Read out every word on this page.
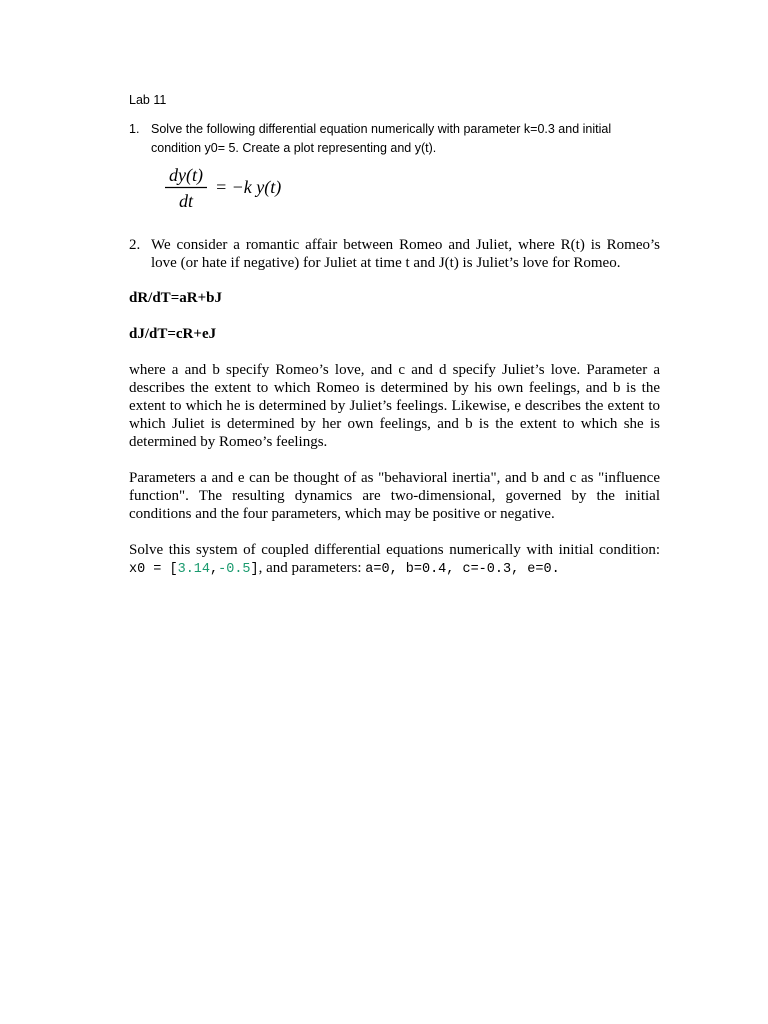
Lab 11
1. Solve the following differential equation numerically with parameter k=0.3 and initial condition y0= 5. Create a plot representing and y(t).
dy(t)
dt
= −k y(t)
2. We consider a romantic affair between Romeo and Juliet, where R(t) is Romeo’s love (or hate if negative) for Juliet at time t and J(t) is Juliet’s love for Romeo.
dR/dT=aR+bJ
dJ/dT=cR+eJ

where a and b specify Romeo’s love, and c and d specify Juliet’s love. Parameter a describes the extent to which Romeo is determined by his own feelings, and b is the extent to which he is determined by Juliet’s feelings. Likewise, e describes the extent to which Juliet is determined by her own feelings, and b is the extent to which she is determined by Romeo’s feelings.

Parameters a and e can be thought of as "behavioral inertia", and b and c as "influence function". The resulting dynamics are two-dimensional, governed by the initial conditions and the four parameters, which may be positive or negative.

Solve this system of coupled differential equations numerically with initial condition: x0 = [3.14,-0.5], and parameters: a=0, b=0.4, c=-0.3, e=0.
